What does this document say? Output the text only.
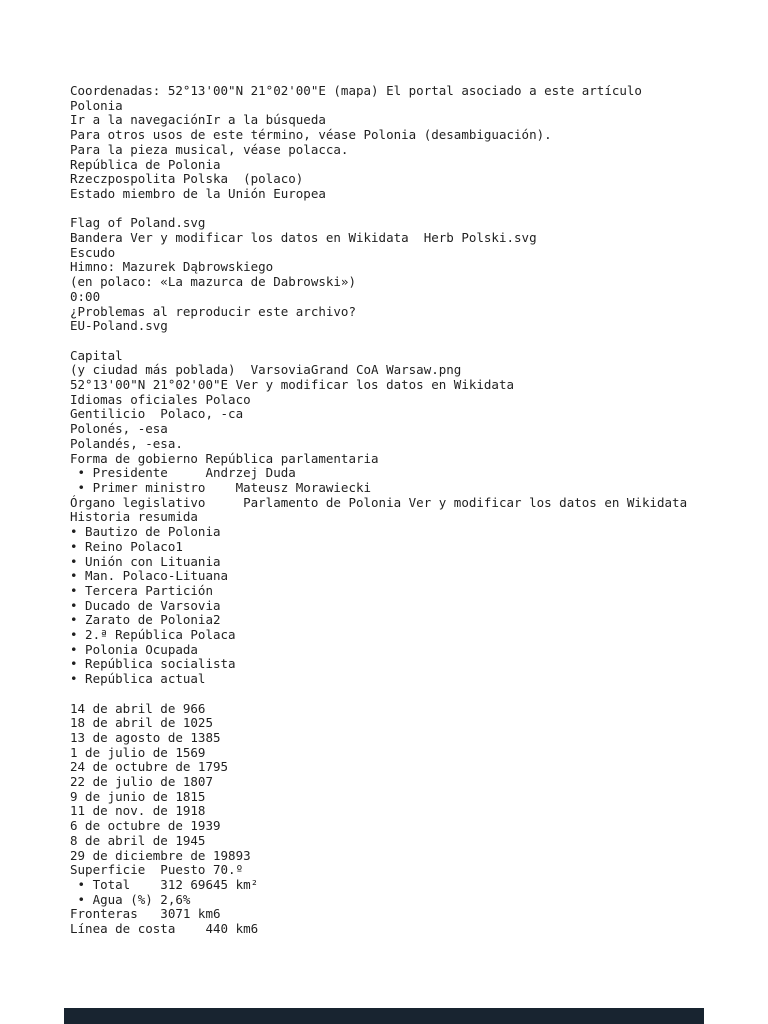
Coordenadas: 52°13'00"N 21°02'00"E (mapa) El portal asociado a este artículo
Polonia
Ir a la navegaciónIr a la búsqueda
Para otros usos de este término, véase Polonia (desambiguación).
Para la pieza musical, véase polacca.
República de Polonia
Rzeczpospolita Polska  (polaco)
Estado miembro de la Unión Europea

Flag of Poland.svg
Bandera Ver y modificar los datos en Wikidata  Herb Polski.svg
Escudo
Himno: Mazurek Dąbrowskiego
(en polaco: «La mazurca de Dabrowski»)
0:00
¿Problemas al reproducir este archivo?
EU-Poland.svg

Capital
(y ciudad más poblada)  VarsoviaGrand CoA Warsaw.png
52°13'00"N 21°02'00"E Ver y modificar los datos en Wikidata
Idiomas oficiales Polaco
Gentilicio  Polaco, -ca
Polonés, -esa
Polandés, -esa.
Forma de gobierno República parlamentaria
• Presidente     Andrzej Duda
• Primer ministro    Mateusz Morawiecki
Órgano legislativo     Parlamento de Polonia Ver y modificar los datos en Wikidata
Historia resumida
• Bautizo de Polonia
• Reino Polaco1
• Unión con Lituania
• Man. Polaco-Lituana
• Tercera Partición
• Ducado de Varsovia
• Zarato de Polonia2
• 2.ª República Polaca
• Polonia Ocupada
• República socialista
• República actual

14 de abril de 966
18 de abril de 1025
13 de agosto de 1385
1 de julio de 1569
24 de octubre de 1795
22 de julio de 1807
9 de junio de 1815
11 de nov. de 1918
6 de octubre de 1939
8 de abril de 1945
29 de diciembre de 19893
Superficie  Puesto 70.º
• Total    312 69645 km²
• Agua (%) 2,6%
Fronteras   3071 km6
Línea de costa    440 km6
